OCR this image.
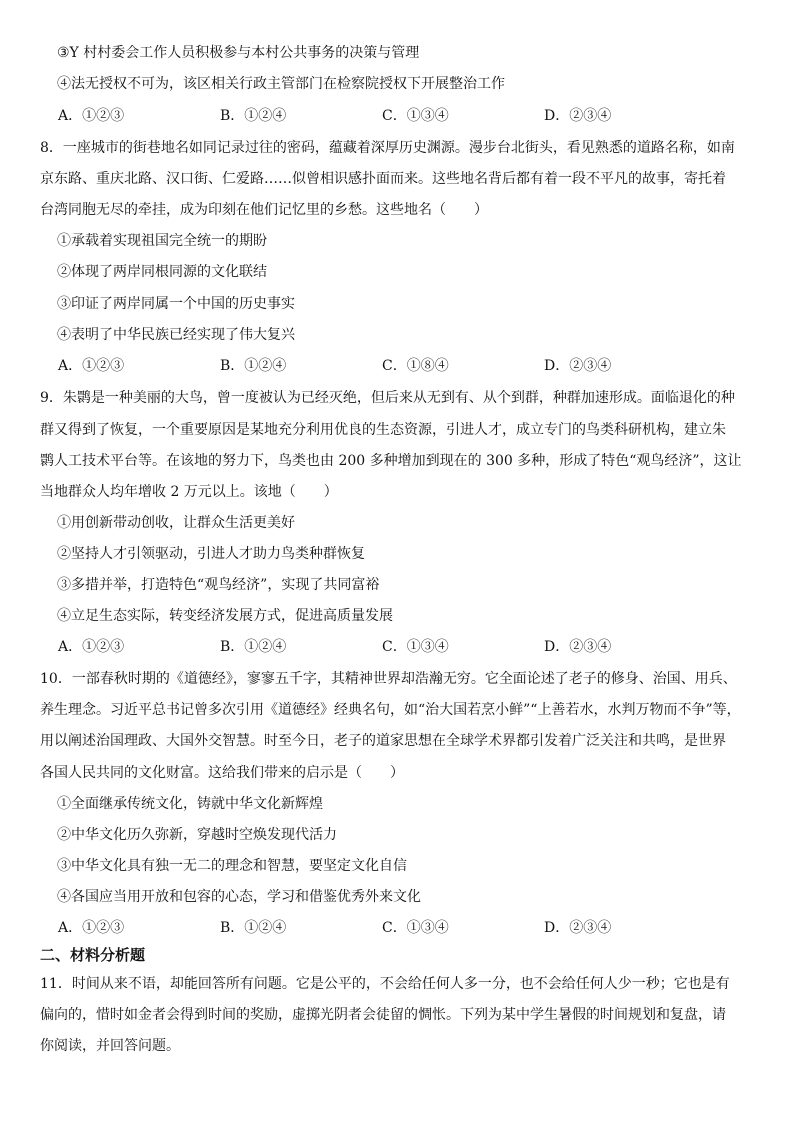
③Y 村村委会工作人员积极参与本村公共事务的决策与管理
④法无授权不可为，该区相关行政主管部门在检察院授权下开展整治工作
A．①②③	B．①②④	C．①③④	D．②③④
8．一座城市的街巷地名如同记录过往的密码，蕴藏着深厚历史渊源。漫步台北街头，看见熟悉的道路名称，如南
京东路、重庆北路、汉口街、仁爱路……似曾相识感扑面而来。这些地名背后都有着一段不平凡的故事，寄托着
台湾同胞无尽的牵挂，成为印刻在他们记忆里的乡愁。这些地名（　　）
①承载着实现祖国完全统一的期盼
②体现了两岸同根同源的文化联结
③印证了两岸同属一个中国的历史事实
④表明了中华民族已经实现了伟大复兴
A．①②③	B．①②④	C．①⑧④	D．②③④
9．朱鹮是一种美丽的大鸟，曾一度被认为已经灭绝，但后来从无到有、从个到群，种群加速形成。面临退化的种
群又得到了恢复，一个重要原因是某地充分利用优良的生态资源，引进人才，成立专门的鸟类科研机构，建立朱
鹮人工技术平台等。在该地的努力下，鸟类也由 200 多种增加到现在的 300 多种，形成了特色“观鸟经济”，这让
当地群众人均年增收 2 万元以上。该地（　　）
①用创新带动创收，让群众生活更美好
②坚持人才引领驱动，引进人才助力鸟类种群恢复
③多措并举，打造特色“观鸟经济”，实现了共同富裕
④立足生态实际，转变经济发展方式，促进高质量发展
A．①②③	B．①②④	C．①③④	D．②③④
10．一部春秋时期的《道德经》，寥寥五千字，其精神世界却浩瀚无穷。它全面论述了老子的修身、治国、用兵、
养生理念。习近平总书记曾多次引用《道德经》经典名句，如“治大国若烹小鲜”“上善若水，水判万物而不争”等，
用以阐述治国理政、大国外交智慧。时至今日，老子的道家思想在全球学术界都引发着广泛关注和共鸣，是世界
各国人民共同的文化财富。这给我们带来的启示是（　　）
①全面继承传统文化，铸就中华文化新辉煌
②中华文化历久弥新，穿越时空焕发现代活力
③中华文化具有独一无二的理念和智慧，要坚定文化自信
④各国应当用开放和包容的心态，学习和借鉴优秀外来文化
A．①②③	B．①②④	C．①③④	D．②③④
二、材料分析题
11．时间从来不语，却能回答所有问题。它是公平的，不会给任何人多一分，也不会给任何人少一秒；它也是有
偏向的，惜时如金者会得到时间的奖励，虚掷光阴者会徒留的惆怅。下列为某中学生暑假的时间规划和复盘，请
你阅读，并回答问题。
